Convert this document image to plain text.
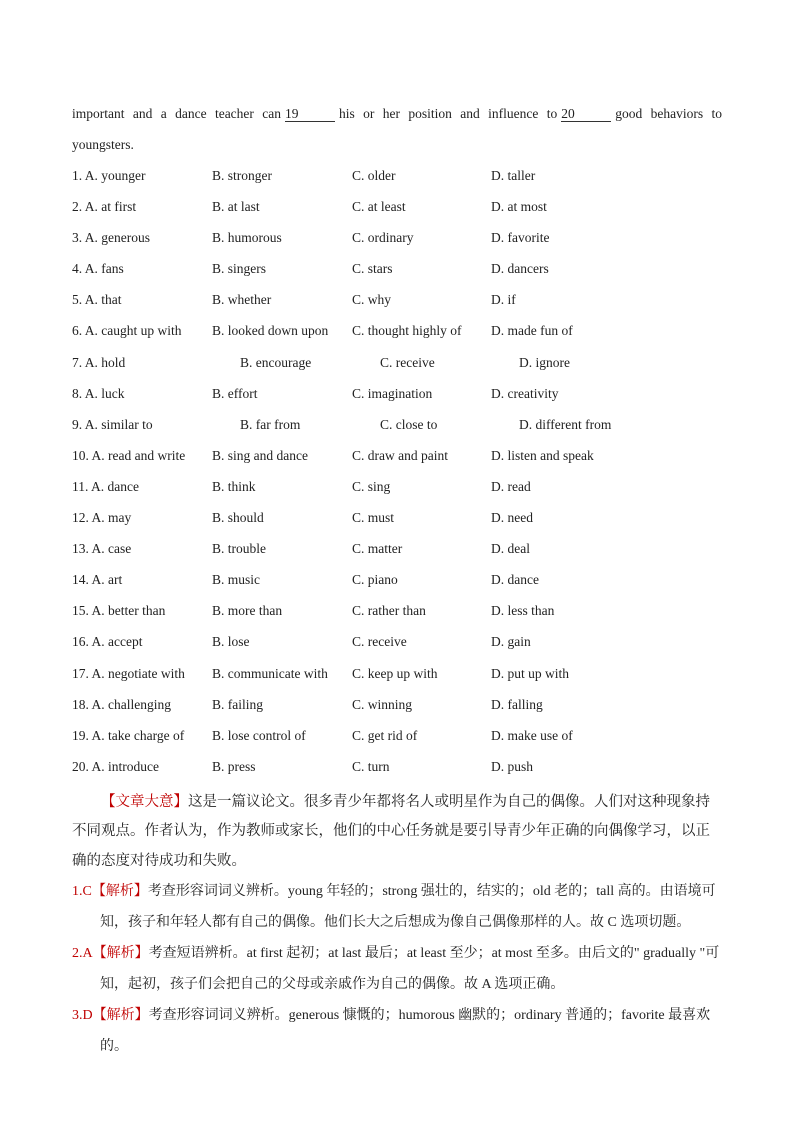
important and a dance teacher can 19	his or her position and influence to 20	good behaviors to youngsters.

1. A. younger	B. stronger	C. older	D. taller
2. A. at first	B. at last	C. at least	D. at most
3. A. generous	B. humorous	C. ordinary	D. favorite
4. A. fans	B. singers	C. stars	D. dancers
5. A. that	B. whether	C. why	D. if
6. A. caught up with B. looked down upon C. thought highly of D. made fun of
7. A. hold	B. encourage	C. receive	D. ignore
8. A. luck	B. effort	C. imagination	D. creativity
9. A. similar to	B. far from	C. close to	D. different from
10. A. read and write B. sing and dance	C. draw and paint	D. listen and speak
11. A. dance	B. think	C. sing	D. read
12. A. may	B. should	C. must	D. need
13. A. case	B. trouble	C. matter	D. deal
14. A. art	B. music	C. piano	D. dance
15. A. better than	B. more than	C. rather than	D. less than
16. A. accept	B. lose	C. receive	D. gain
17. A. negotiate with B. communicate with C. keep up with	D. put up with
18. A. challenging	B. failing	C. winning	D. falling
19. A. take charge of B. lose control of	C. get rid of	D. make use of
20. A. introduce	B. press	C. turn	D. push

【文章大意】这是一篇议论文。很多青少年都将名人或明星作为自己的偶像。人们对这种现象持不同观点。作者认为，作为教师或家长，他们的中心任务就是要引导青少年正确的向偶像学习，以正确的态度对待成功和失败。

1.C【解析】考查形容词词义辨析。young 年轻的；strong 强壮的，结实的；old 老的；tall 高的。由语境可知，孩子和年轻人都有自己的偶像。他们长大之后想成为像自己偶像那样的人。故 C 选项切题。

2.A【解析】考查短语辨析。at first 起初；at last 最后；at least 至少；at most 至多。由后文的" gradually "可知，起初，孩子们会把自己的父母或亲戚作为自己的偶像。故 A 选项正确。

3.D【解析】考查形容词词义辨析。generous 慷慨的；humorous 幽默的；ordinary 普通的；favorite 最喜欢的。
